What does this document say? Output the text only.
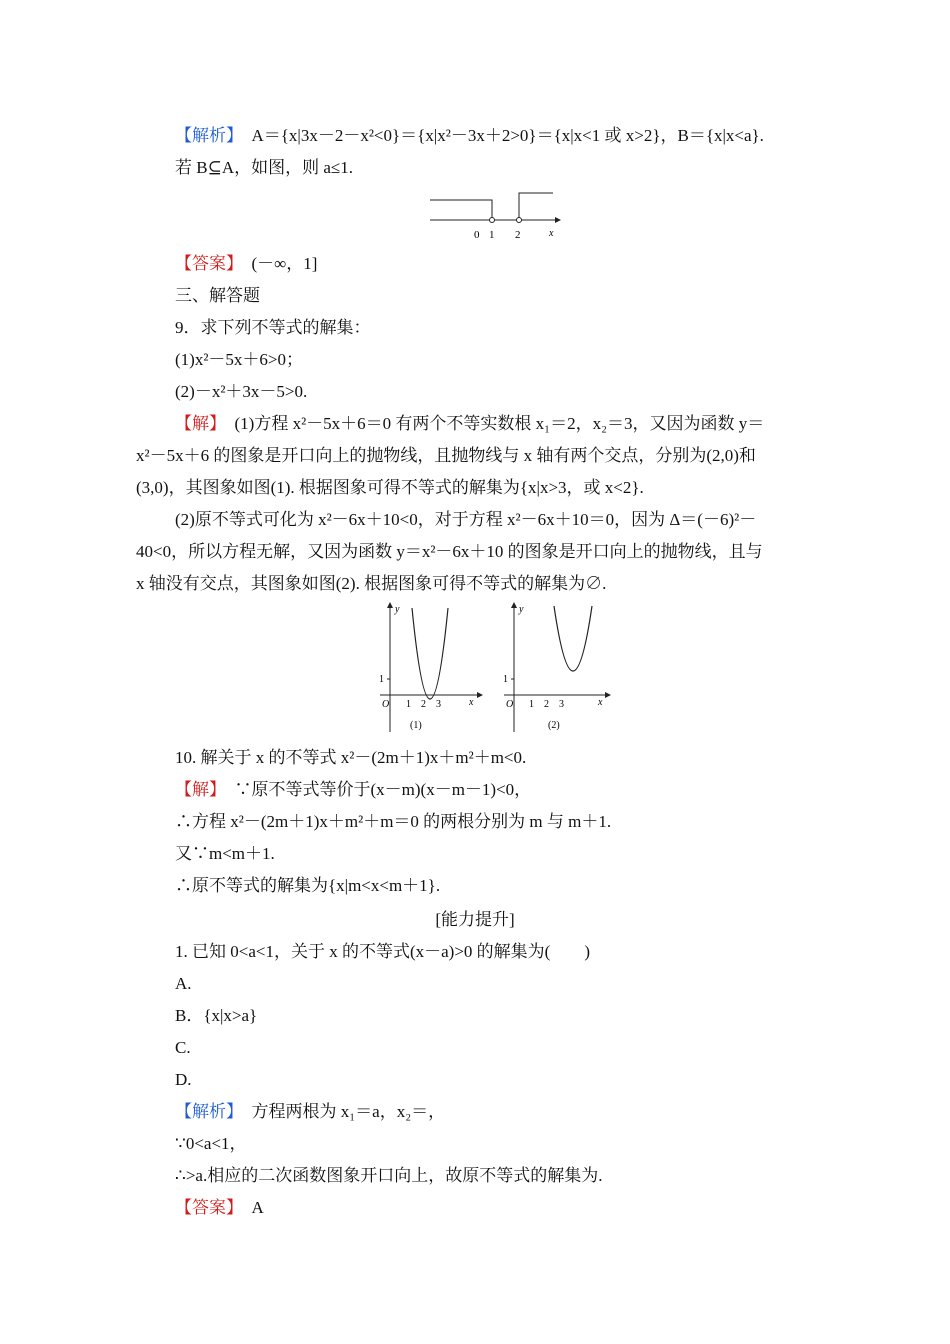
【解析】  A＝{x|3x－2－x²<0}＝{x|x²－3x＋2>0}＝{x|x<1 或 x>2}，B＝{x|x<a}.
若 B⊆A，如图，则 a≤1.
【答案】  (－∞，1]
三、解答题
9．求下列不等式的解集：
(1)x²－5x＋6>0；
(2)－x²＋3x－5>0.
【解】  (1)方程 x²－5x＋6＝0 有两个不等实数根 x₁＝2，x₂＝3，又因为函数 y＝
x²－5x＋6 的图象是开口向上的抛物线，且抛物线与 x 轴有两个交点，分别为(2,0)和
(3,0)，其图象如图(1). 根据图象可得不等式的解集为{x|x>3，或 x<2}.
(2)原不等式可化为 x²－6x＋10<0，对于方程 x²－6x＋10＝0，因为 Δ＝(－6)²－
40<0，所以方程无解，又因为函数 y＝x²－6x＋10 的图象是开口向上的抛物线，且与
x 轴没有交点，其图象如图(2). 根据图象可得不等式的解集为∅.
10. 解关于 x 的不等式 x²－(2m＋1)x＋m²＋m<0.
【解】  ∵原不等式等价于(x－m)(x－m－1)<0，
∴方程 x²－(2m＋1)x＋m²＋m＝0 的两根分别为 m 与 m＋1.
又∵m<m＋1.
∴原不等式的解集为{x|m<x<m＋1}.
1. 已知 0<a<1，关于 x 的不等式(x－a)>0 的解集为(　　)
A.
B．{x|x>a}
C.
D.
【解析】  方程两根为 x₁＝a，x₂＝，
∵0<a<1，
∴>a.相应的二次函数图象开口向上，故原不等式的解集为.
【答案】  A
[能力提升]
0 1 2	x
y
1
O 1 2 3	x
(1)
y
1
O 1 2 3	x
(2)
